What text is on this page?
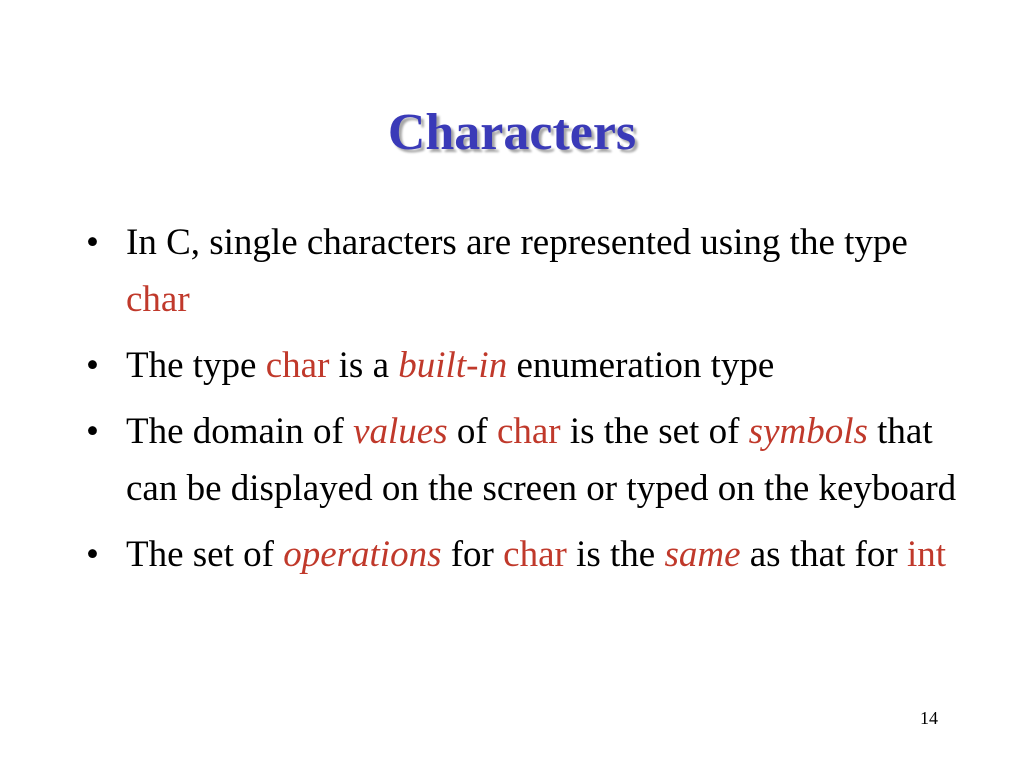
Characters
• In C, single characters are represented using the type char
• The type char is a built-in enumeration type
• The domain of values of char is the set of symbols that can be displayed on the screen or typed on the keyboard
• The set of operations for char is the same as that for int
14
